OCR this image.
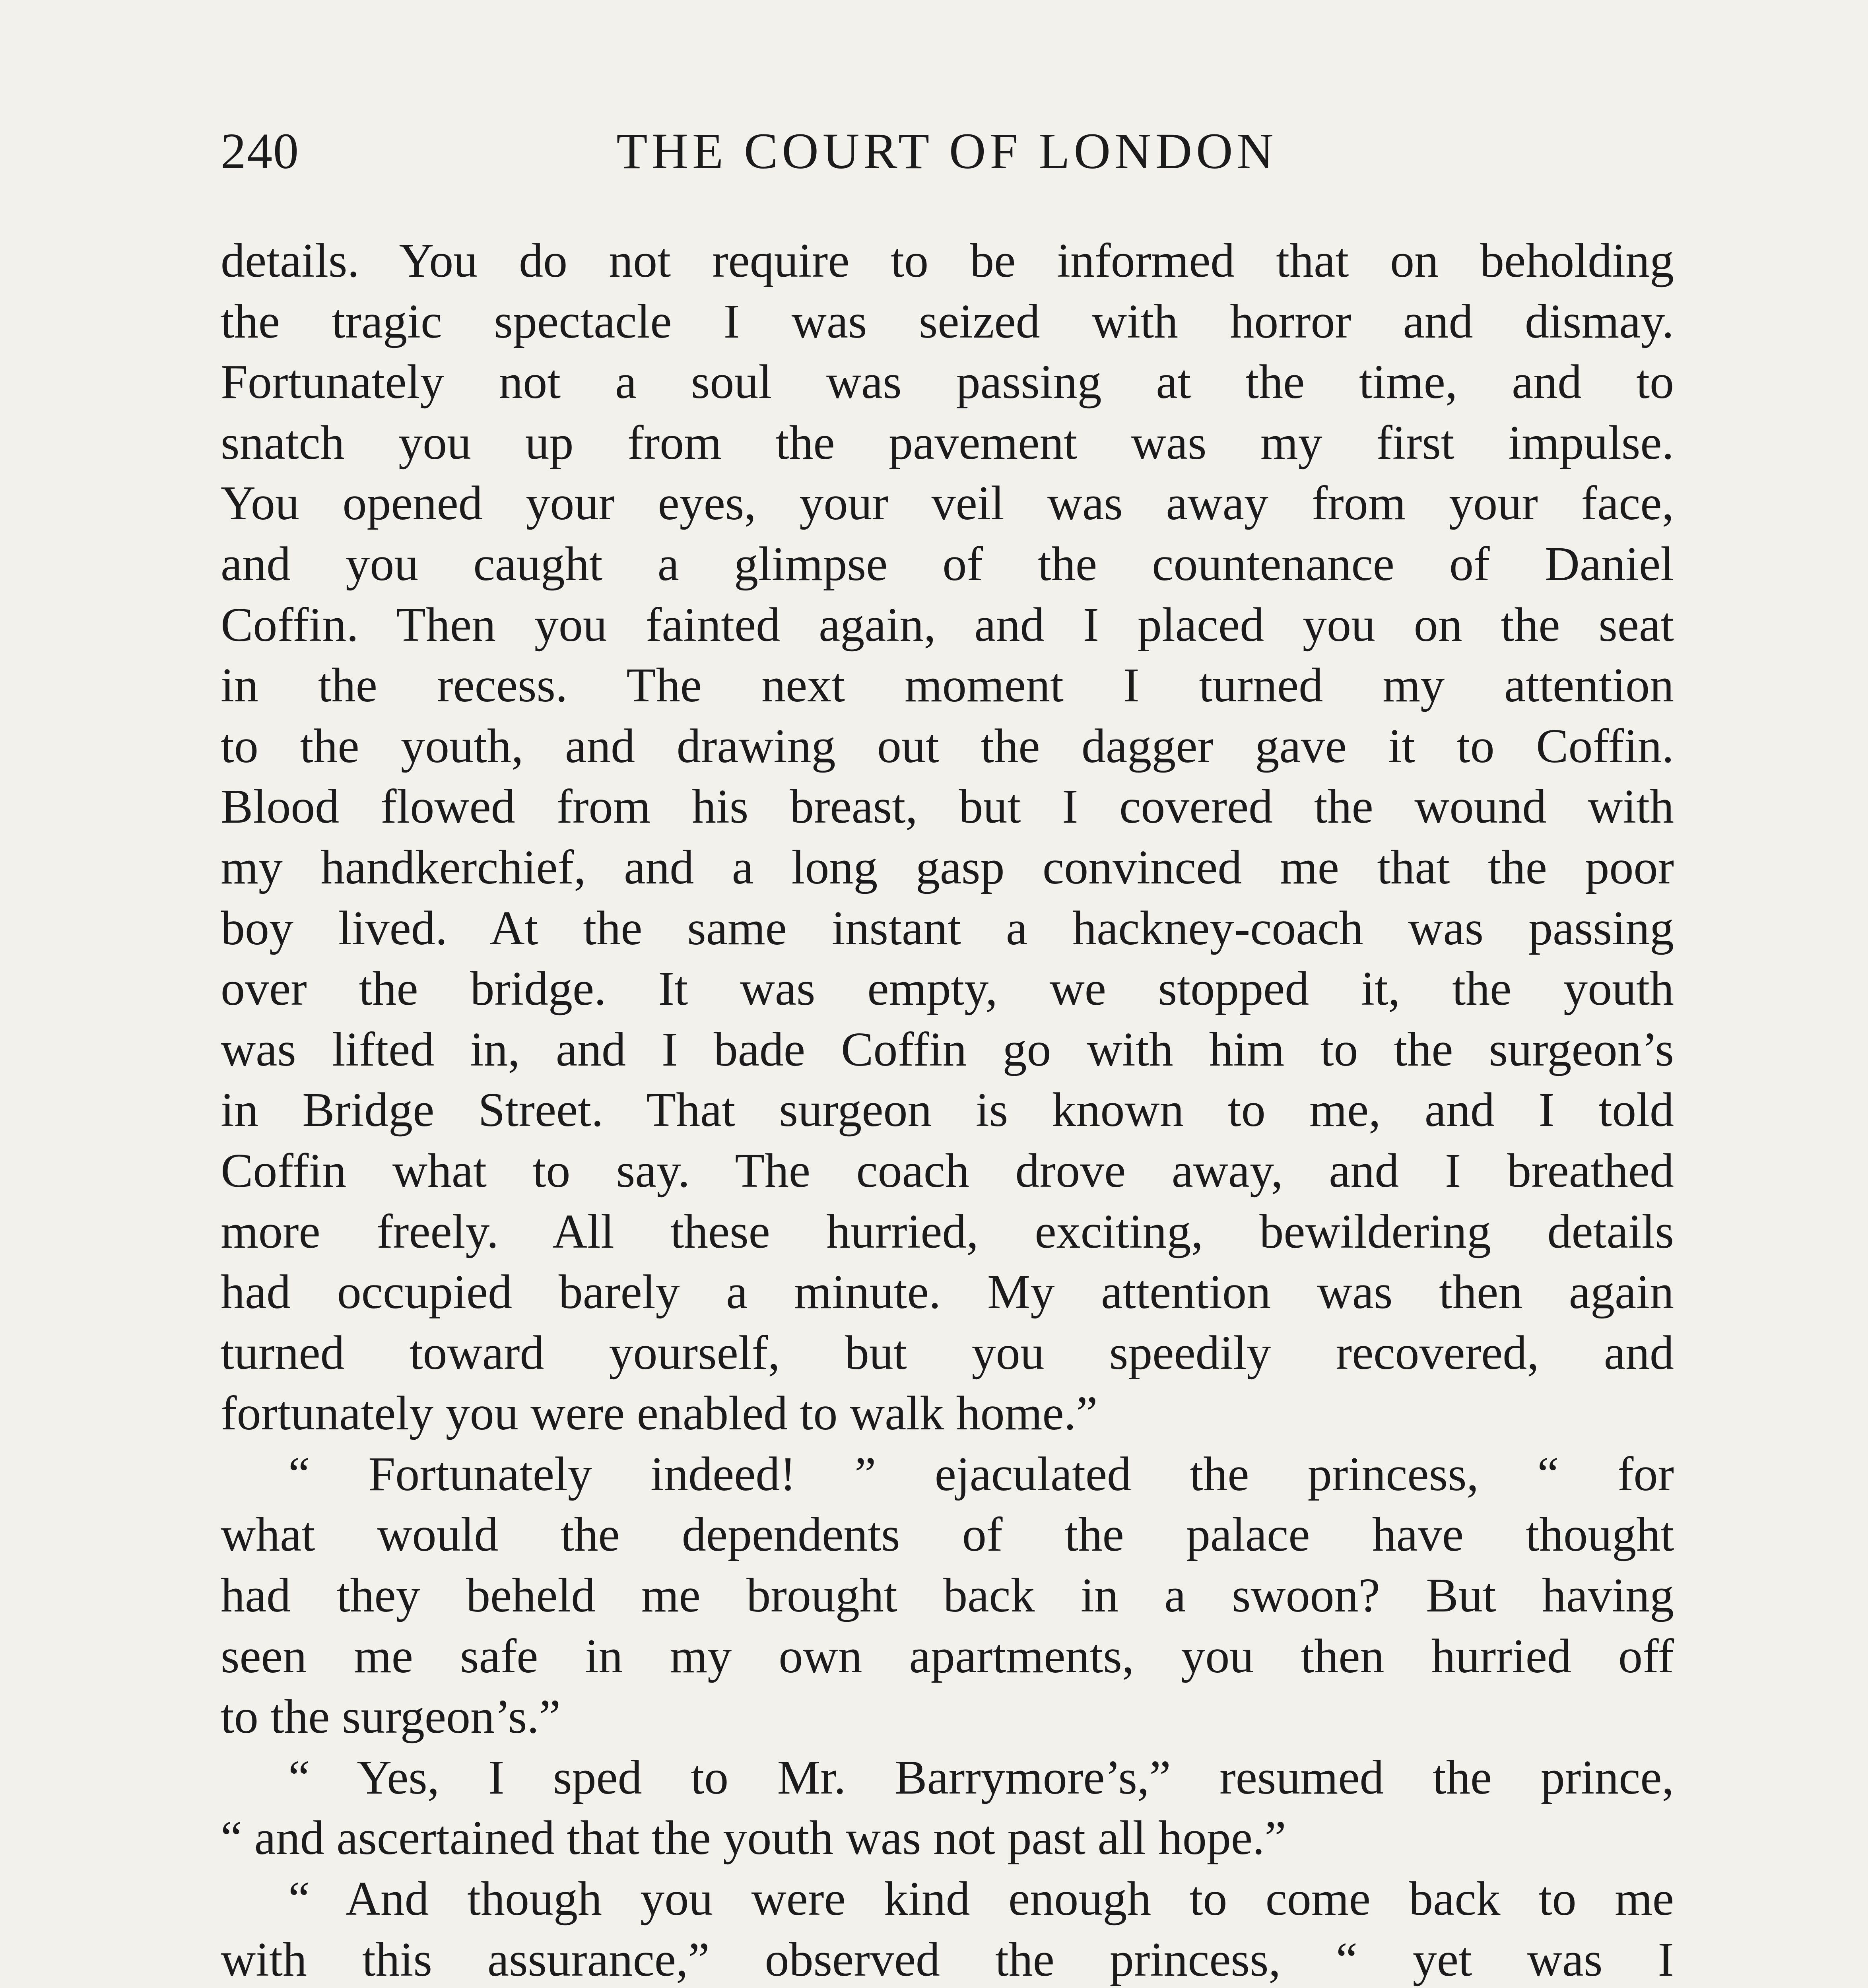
240	THE COURT OF LONDON
details. You do not require to be informed that on beholding
the tragic spectacle I was seized with horror and dismay.
Fortunately not a soul was passing at the time, and to
snatch you up from the pavement was my first impulse.
You opened your eyes, your veil was away from your face,
and you caught a glimpse of the countenance of Daniel
Coffin. Then you fainted again, and I placed you on the seat
in the recess. The next moment I turned my attention
to the youth, and drawing out the dagger gave it to Coffin.
Blood flowed from his breast, but I covered the wound with
my handkerchief, and a long gasp convinced me that the poor
boy lived. At the same instant a hackney-coach was passing
over the bridge. It was empty, we stopped it, the youth
was lifted in, and I bade Coffin go with him to the surgeon’s
in Bridge Street. That surgeon is known to me, and I told
Coffin what to say. The coach drove away, and I breathed
more freely. All these hurried, exciting, bewildering details
had occupied barely a minute. My attention was then again
turned toward yourself, but you speedily recovered, and
fortunately you were enabled to walk home.”
“ Fortunately indeed! ” ejaculated the princess, “ for
what would the dependents of the palace have thought
had they beheld me brought back in a swoon? But having
seen me safe in my own apartments, you then hurried off
to the surgeon’s.”
“ Yes, I sped to Mr. Barrymore’s,” resumed the prince,
“ and ascertained that the youth was not past all hope.”
“ And though you were kind enough to come back to me
with this assurance,” observed the princess, “ yet was I
